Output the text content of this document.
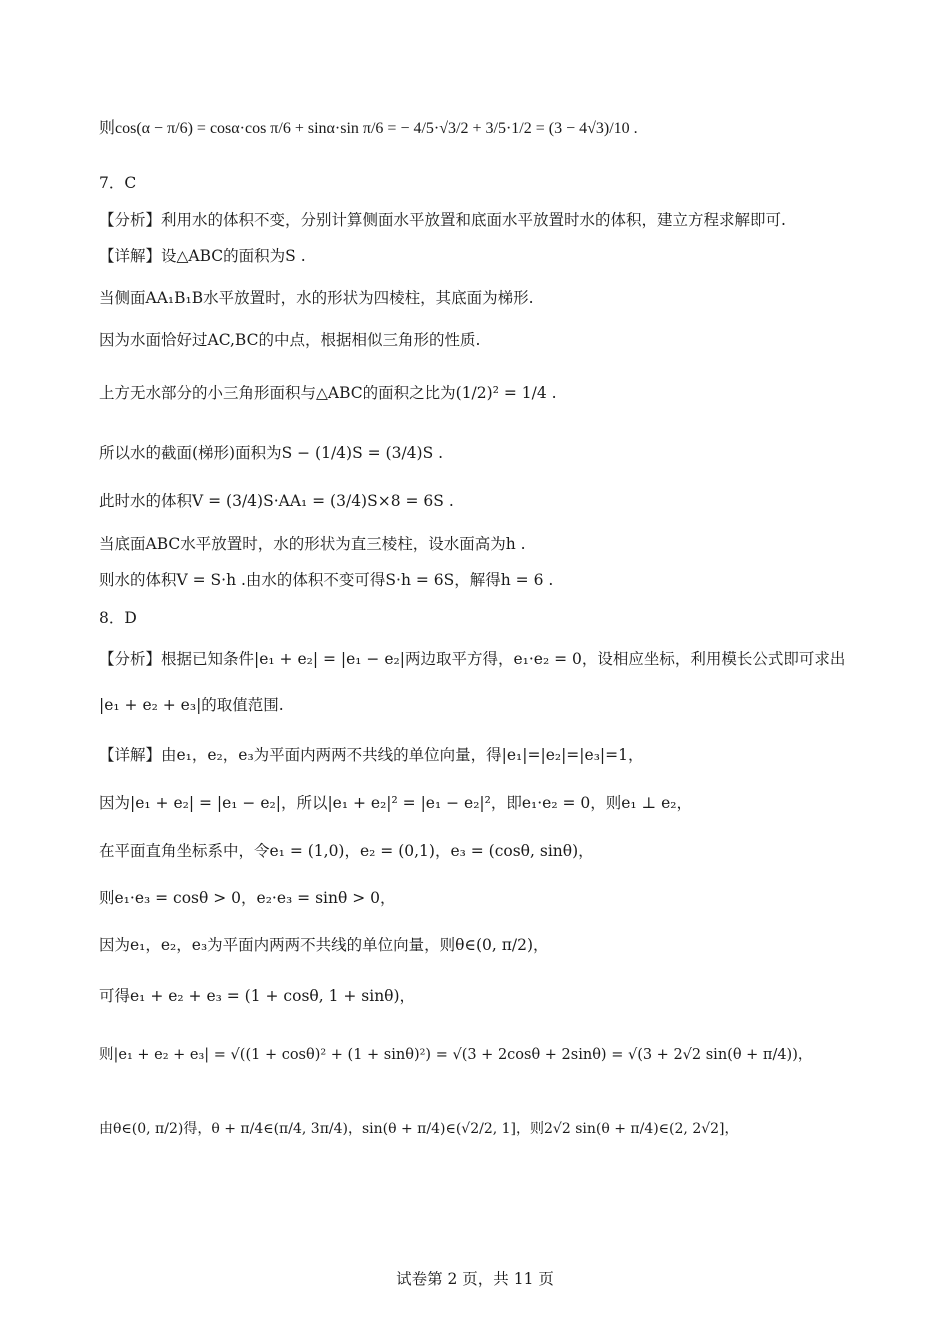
则cos(α − π/6) = cosα·cos π/6 + sinα·sin π/6 = − 4/5·√3/2 + 3/5·1/2 = (3 − 4√3)/10 .
7．C
【分析】利用水的体积不变，分别计算侧面水平放置和底面水平放置时水的体积，建立方程求解即可.
【详解】设△ABC的面积为S .
当侧面AA₁B₁B水平放置时，水的形状为四棱柱，其底面为梯形.
因为水面恰好过AC,BC的中点，根据相似三角形的性质.
上方无水部分的小三角形面积与△ABC的面积之比为(1/2)² = 1/4 .
所以水的截面(梯形)面积为S − (1/4)S = (3/4)S .
此时水的体积V = (3/4)S·AA₁ = (3/4)S×8 = 6S .
当底面ABC水平放置时，水的形状为直三棱柱，设水面高为h .
则水的体积V = S·h .由水的体积不变可得S·h = 6S，解得h = 6 .
8．D
【分析】根据已知条件|e₁ + e₂| = |e₁ − e₂|两边取平方得，e₁·e₂ = 0，设相应坐标，利用模长公式即可求出
|e₁ + e₂ + e₃|的取值范围.
【详解】由e₁，e₂，e₃为平面内两两不共线的单位向量，得|e₁|=|e₂|=|e₃|=1，
因为|e₁ + e₂| = |e₁ − e₂|，所以|e₁ + e₂|² = |e₁ − e₂|²，即e₁·e₂ = 0，则e₁ ⊥ e₂，
在平面直角坐标系中，令e₁ = (1,0)，e₂ = (0,1)，e₃ = (cosθ, sinθ)，
则e₁·e₃ = cosθ > 0，e₂·e₃ = sinθ > 0，
因为e₁，e₂，e₃为平面内两两不共线的单位向量，则θ∈(0, π/2)，
可得e₁ + e₂ + e₃ = (1 + cosθ, 1 + sinθ)，
则|e₁ + e₂ + e₃| = √((1 + cosθ)² + (1 + sinθ)²) = √(3 + 2cosθ + 2sinθ) = √(3 + 2√2 sin(θ + π/4))，
由θ∈(0, π/2)得，θ + π/4∈(π/4, 3π/4)，sin(θ + π/4)∈(√2/2, 1]，则2√2 sin(θ + π/4)∈(2, 2√2]，
试卷第 2 页，共 11 页
